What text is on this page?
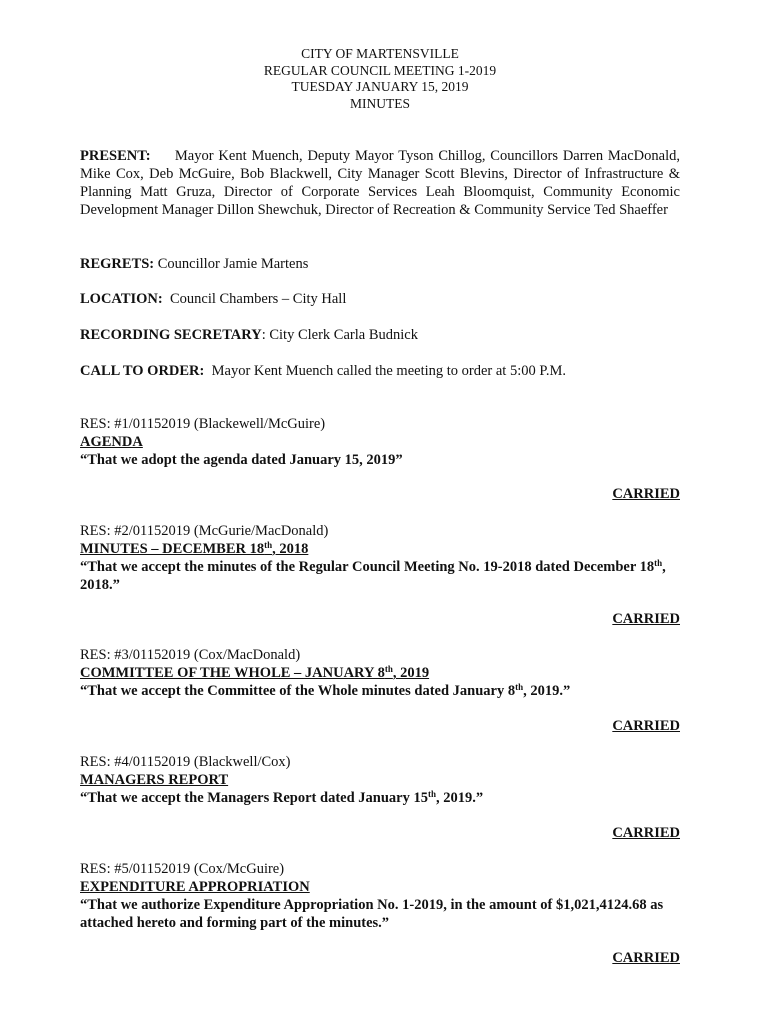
CITY OF MARTENSVILLE
REGULAR COUNCIL MEETING 1-2019
TUESDAY JANUARY 15, 2019
MINUTES
PRESENT: Mayor Kent Muench, Deputy Mayor Tyson Chillog, Councillors Darren MacDonald, Mike Cox, Deb McGuire, Bob Blackwell, City Manager Scott Blevins, Director of Infrastructure & Planning Matt Gruza, Director of Corporate Services Leah Bloomquist, Community Economic Development Manager Dillon Shewchuk, Director of Recreation & Community Service Ted Shaeffer
REGRETS: Councillor Jamie Martens
LOCATION: Council Chambers – City Hall
RECORDING SECRETARY: City Clerk Carla Budnick
CALL TO ORDER: Mayor Kent Muench called the meeting to order at 5:00 P.M.
RES: #1/01152019 (Blackewell/McGuire)
AGENDA
“That we adopt the agenda dated January 15, 2019”
CARRIED
RES: #2/01152019 (McGurie/MacDonald)
MINUTES – DECEMBER 18th, 2018
“That we accept the minutes of the Regular Council Meeting No. 19-2018 dated December 18th, 2018.”
CARRIED
RES: #3/01152019 (Cox/MacDonald)
COMMITTEE OF THE WHOLE – JANUARY 8th, 2019
“That we accept the Committee of the Whole minutes dated January 8th, 2019.”
CARRIED
RES: #4/01152019 (Blackwell/Cox)
MANAGERS REPORT
“That we accept the Managers Report dated January 15th, 2019.”
CARRIED
RES: #5/01152019 (Cox/McGuire)
EXPENDITURE APPROPRIATION
“That we authorize Expenditure Appropriation No. 1-2019, in the amount of $1,021,4124.68 as attached hereto and forming part of the minutes.”
CARRIED
